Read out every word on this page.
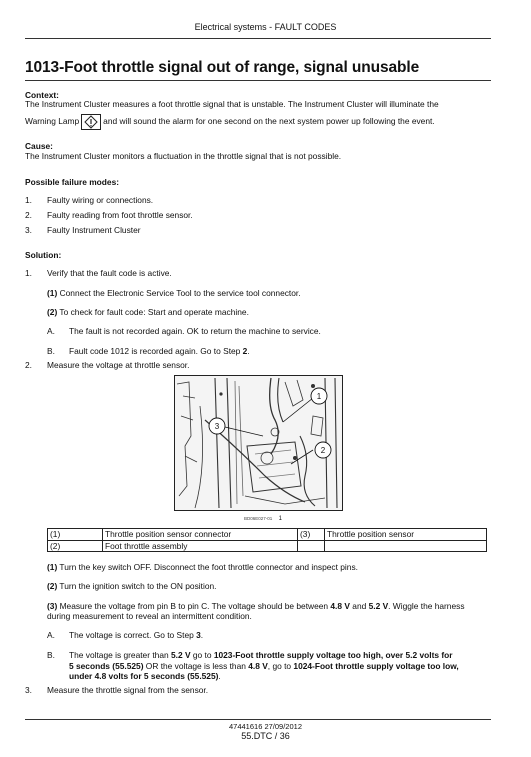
Electrical systems - FAULT CODES
1013-Foot throttle signal out of range, signal unusable
Context:
The Instrument Cluster measures a foot throttle signal that is unstable. The Instrument Cluster will illuminate the
Warning Lamp	and will sound the alarm for one second on the next system power up following the event.
Cause:
The Instrument Cluster monitors a fluctuation in the throttle signal that is not possible.
Possible failure modes:
1. Faulty wiring or connections.
2. Faulty reading from foot throttle sensor.
3. Faulty Instrument Cluster
Solution:
1. Verify that the fault code is active.
(1) Connect the Electronic Service Tool to the service tool connector.
(2) To check for fault code: Start and operate machine.
A. The fault is not recorded again. OK to return the machine to service.
B. Fault code 1012 is recorded again. Go to Step 2.
2. Measure the voltage at throttle sensor.
1
3
2
BD06E027-01 1
(1)	Throttle position sensor connector	(3)	Throttle position sensor
(2)	Foot throttle assembly		
(1) Turn the key switch OFF. Disconnect the foot throttle connector and inspect pins.
(2) Turn the ignition switch to the ON position.
(3) Measure the voltage from pin B to pin C. The voltage should be between 4.8 V and 5.2 V. Wiggle the harness
during measurement to reveal an intermittent condition.
A. The voltage is correct. Go to Step 3.
B. The voltage is greater than 5.2 V go to 1023-Foot throttle supply voltage too high, over 5.2 volts for
5 seconds (55.525) OR the voltage is less than 4.8 V, go to 1024-Foot throttle supply voltage too low,
under 4.8 volts for 5 seconds (55.525).
3. Measure the throttle signal from the sensor.
47441616 27/09/2012
55.DTC / 36
